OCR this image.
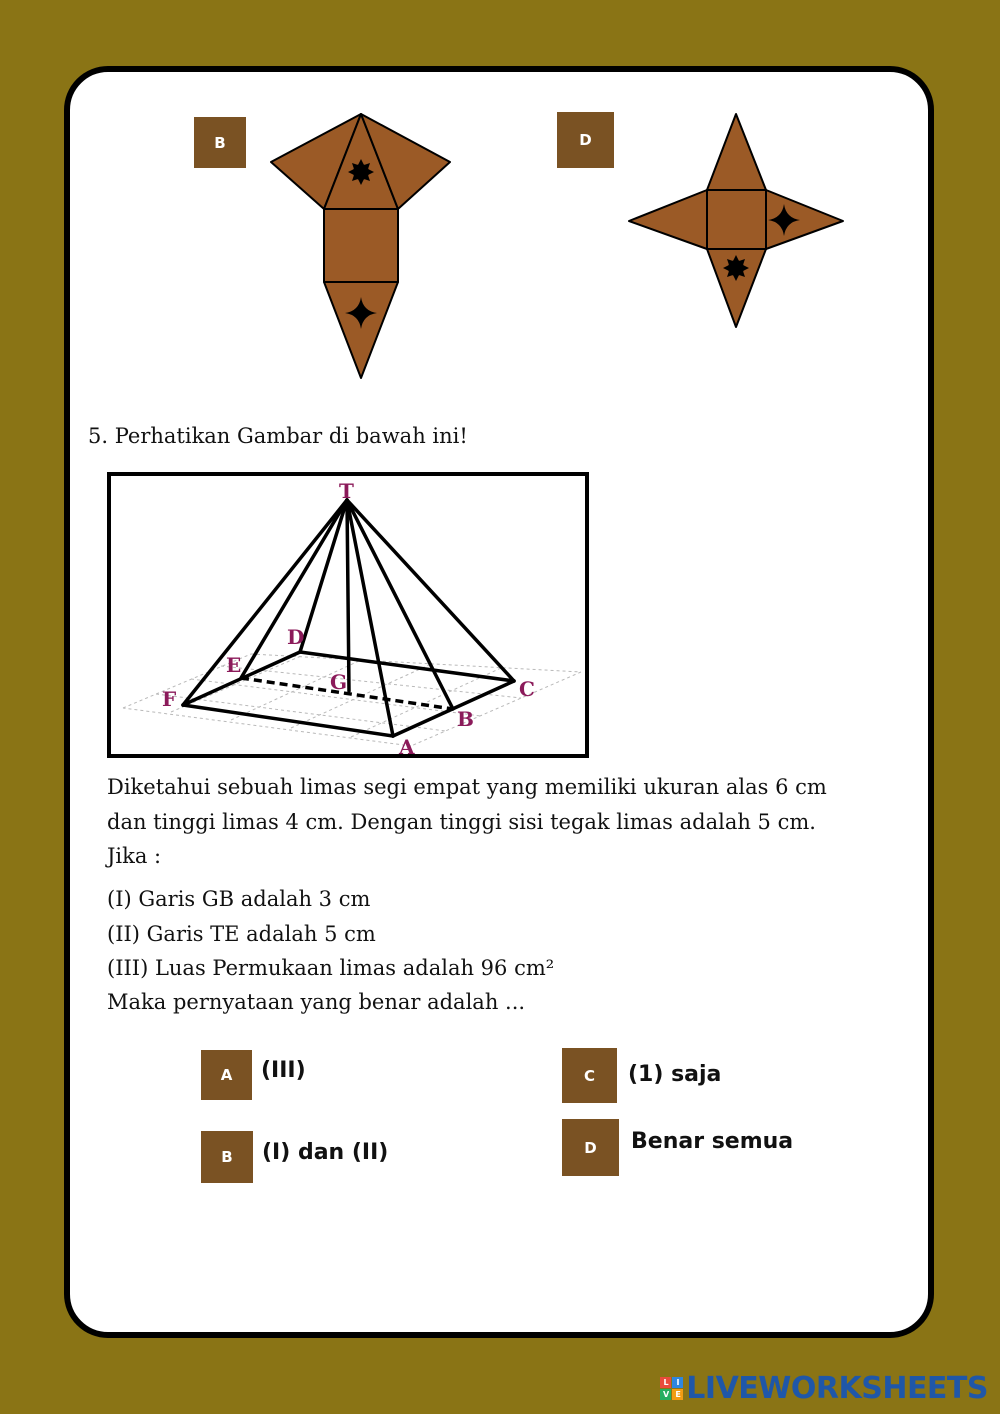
B	D
5. Perhatikan Gambar di bawah ini!
T
D
E
G	C
F
B
A
Diketahui sebuah limas segi empat yang memiliki ukuran alas 6 cm
dan tinggi limas 4 cm. Dengan tinggi sisi tegak limas adalah 5 cm.
Jika :
(I) Garis GB adalah 3 cm
(II) Garis TE adalah 5 cm
(III) Luas Permukaan limas adalah 96 cm²
Maka pernyataan yang benar adalah ...
A (III)
B (I) dan (II)
C (1) saja
D Benar semua
L	I
V E LIVEWORKSHEETS
